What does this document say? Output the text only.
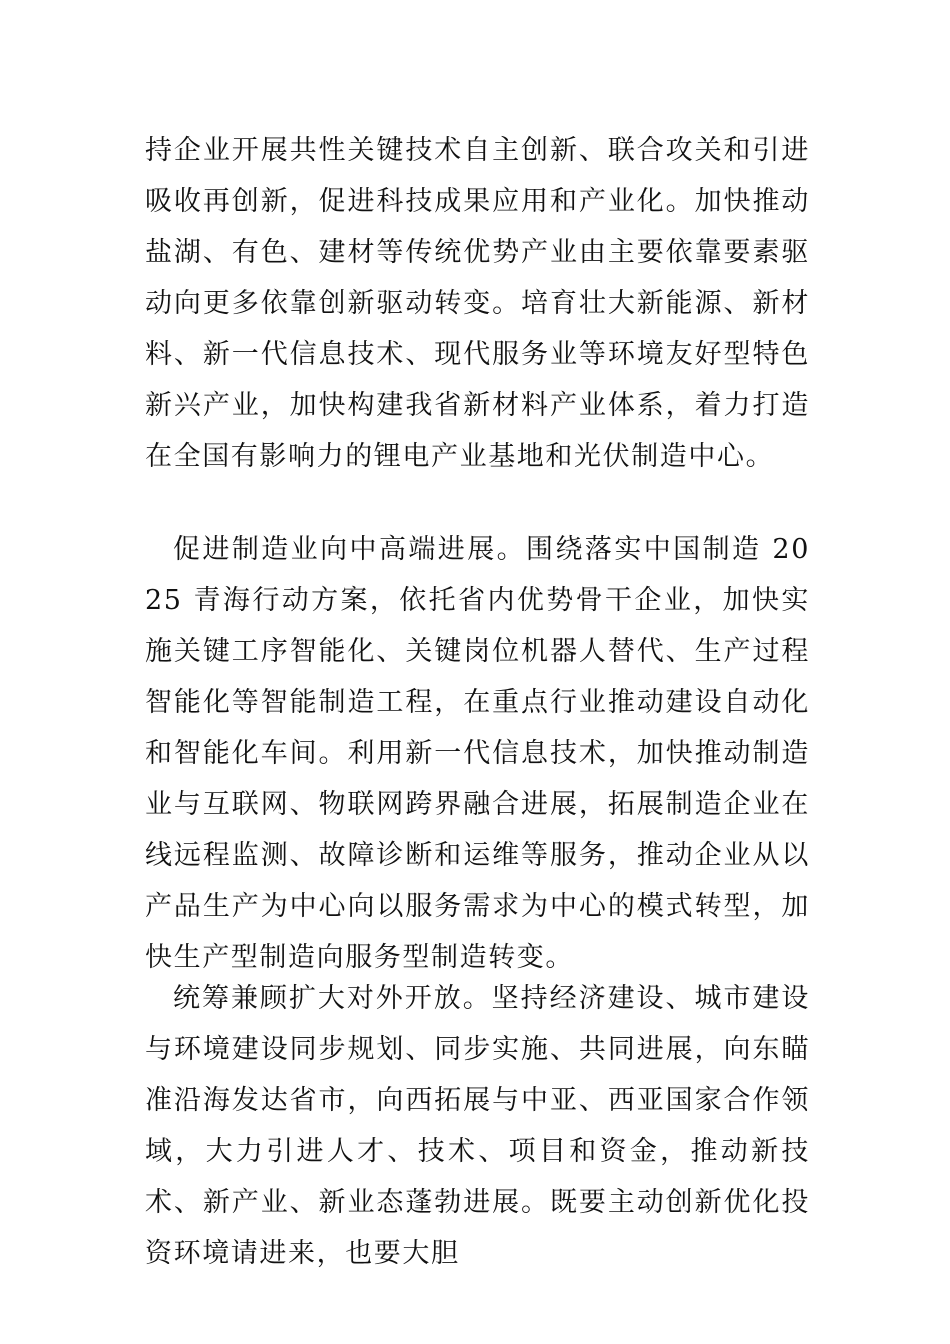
持企业开展共性关键技术自主创新、联合攻关和引进吸收再创新，促进科技成果应用和产业化。加快推动盐湖、有色、建材等传统优势产业由主要依靠要素驱动向更多依靠创新驱动转变。培育壮大新能源、新材料、新一代信息技术、现代服务业等环境友好型特色新兴产业，加快构建我省新材料产业体系，着力打造在全国有影响力的锂电产业基地和光伏制造中心。

促进制造业向中高端进展。围绕落实中国制造 2025 青海行动方案，依托省内优势骨干企业，加快实施关键工序智能化、关键岗位机器人替代、生产过程智能化等智能制造工程，在重点行业推动建设自动化和智能化车间。利用新一代信息技术，加快推动制造业与互联网、物联网跨界融合进展，拓展制造企业在线远程监测、故障诊断和运维等服务，推动企业从以产品生产为中心向以服务需求为中心的模式转型，加快生产型制造向服务型制造转变。

统筹兼顾扩大对外开放。坚持经济建设、城市建设与环境建设同步规划、同步实施、共同进展，向东瞄准沿海发达省市，向西拓展与中亚、西亚国家合作领域，大力引进人才、技术、项目和资金，推动新技术、新产业、新业态蓬勃进展。既要主动创新优化投资环境请进来，也要大胆
